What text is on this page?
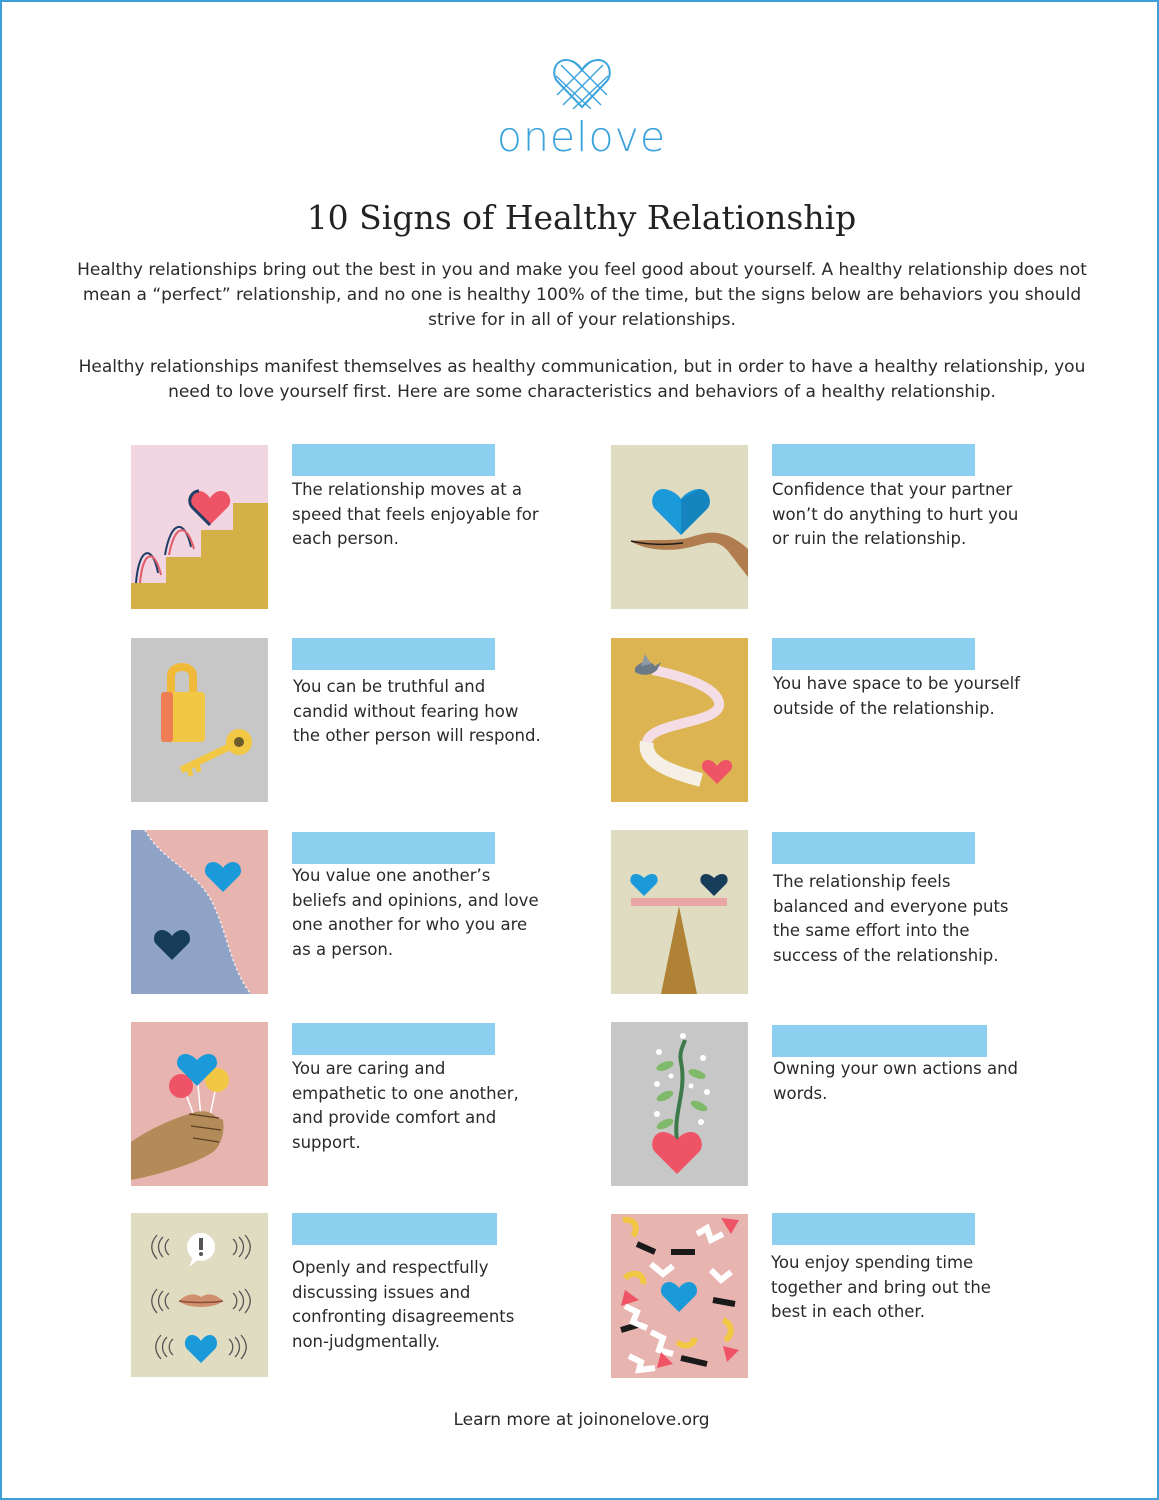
onelove
10 Signs of Healthy Relationship
Healthy relationships bring out the best in you and make you feel good about yourself. A healthy relationship does not mean a “perfect” relationship, and no one is healthy 100% of the time, but the signs below are behaviors you should strive for in all of your relationships.
Healthy relationships manifest themselves as healthy communication, but in order to have a healthy relationship, you need to love yourself first. Here are some characteristics and behaviors of a healthy relationship.
The relationship moves at a speed that feels enjoyable for each person.
Confidence that your partner won’t do anything to hurt you or ruin the relationship.
You can be truthful and candid without fearing how the other person will respond.
You have space to be yourself outside of the relationship.
You value one another’s beliefs and opinions, and love one another for who you are as a person.
The relationship feels balanced and everyone puts the same effort into the success of the relationship.
You are caring and empathetic to one another, and provide comfort and support.
Owning your own actions and words.
Openly and respectfully discussing issues and confronting disagreements non-judgmentally.
You enjoy spending time together and bring out the best in each other.
Learn more at joinonelove.org
